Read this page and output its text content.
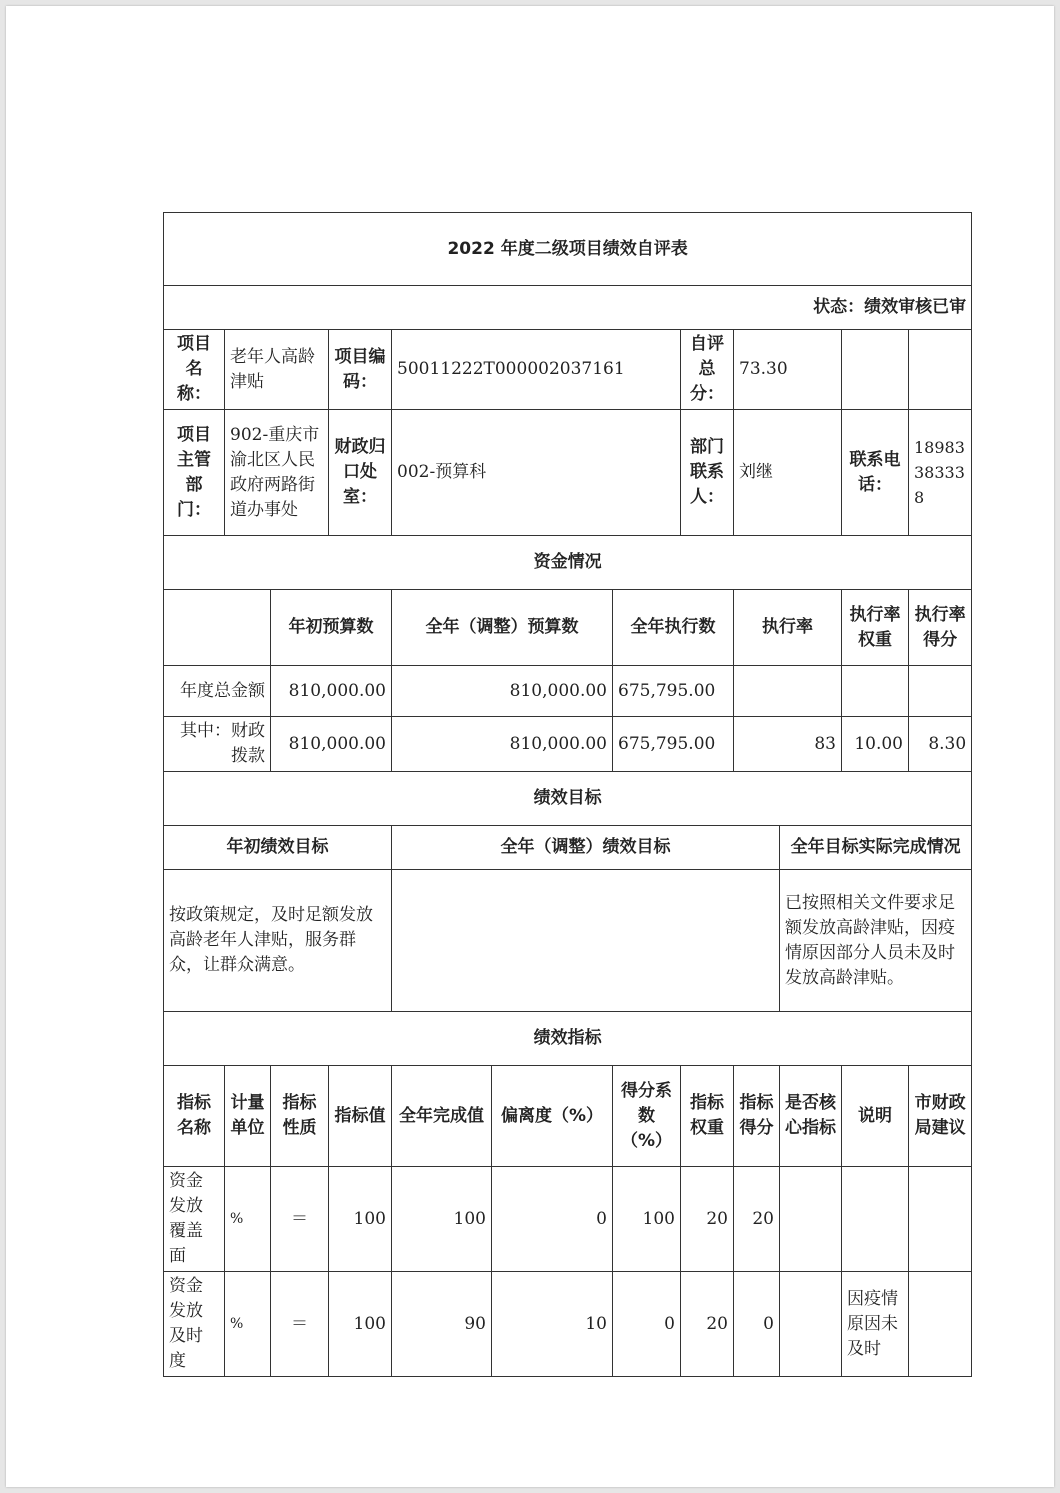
2022 年度二级项目绩效自评表											
状态：绩效审核已审											
项目名称：	老年人高龄津贴		项目编码：	50011222T000002037161			自评总分：	73.30			
项目主管部门：	902-重庆市渝北区人民政府两路街道办事处		财政归口处室：	002-预算科			部门联系人：	刘继		联系电话：	18983383338
资金情况											
		年初预算数		全年（调整）预算数		全年执行数		执行率		执行率权重	执行率得分
年度总金额		810,000.00		810,000.00		675,795.00					
其中：财政拨款		810,000.00		810,000.00		675,795.00		83		10.00	8.30
绩效目标											
年初绩效目标				全年（调整）绩效目标					全年目标实际完成情况		
按政策规定，及时足额发放高龄老年人津贴，服务群众，让群众满意。									已按照相关文件要求足额发放高龄津贴，因疫情原因部分人员未及时发放高龄津贴。		
绩效指标											
指标名称	计量单位	指标性质	指标值	全年完成值	偏离度（%）	得分系数（%）	指标权重	指标得分	是否核心指标	说明	市财政局建议
资金发放覆盖面	%	＝	100	100	0	100	20	20			
资金发放及时度	%	＝	100	90	10	0	20	0		因疫情原因未及时	
